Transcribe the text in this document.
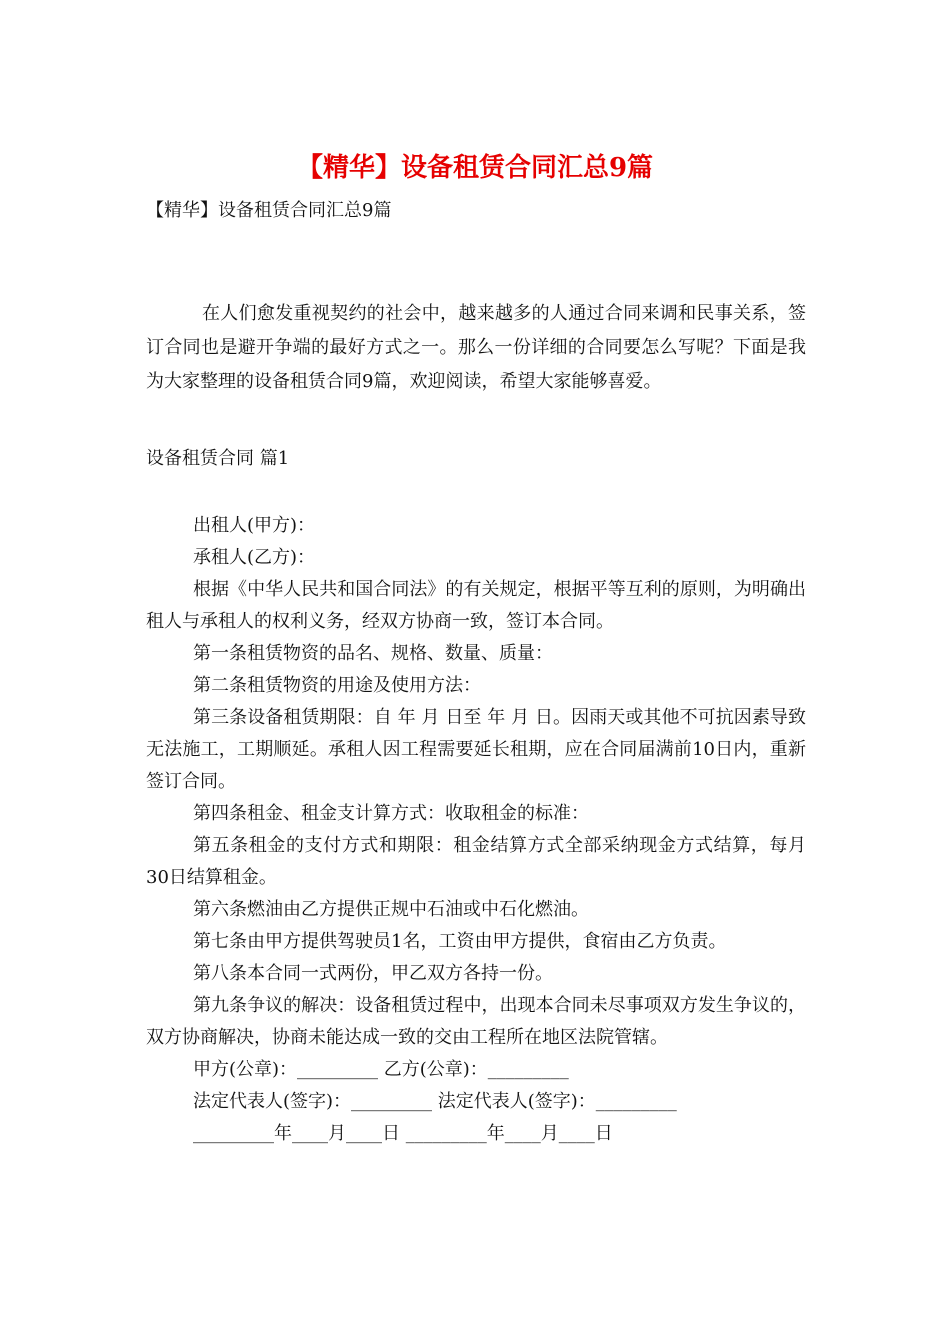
【精华】设备租赁合同汇总9篇
【精华】设备租赁合同汇总9篇

在人们愈发重视契约的社会中，越来越多的人通过合同来调和民事关系，签订合同也是避开争端的最好方式之一。那么一份详细的合同要怎么写呢？下面是我为大家整理的设备租赁合同9篇，欢迎阅读，希望大家能够喜爱。

设备租赁合同 篇1

出租人(甲方)：

承租人(乙方)：

根据《中华人民共和国合同法》的有关规定，根据平等互利的原则，为明确出租人与承租人的权利义务，经双方协商一致，签订本合同。

第一条租赁物资的品名、规格、数量、质量：

第二条租赁物资的用途及使用方法：

第三条设备租赁期限：自 年 月 日至 年 月 日。因雨天或其他不可抗因素导致无法施工，工期顺延。承租人因工程需要延长租期，应在合同届满前10日内，重新签订合同。

第四条租金、租金支计算方式：收取租金的标准：

第五条租金的支付方式和期限：租金结算方式全部采纳现金方式结算，每月30日结算租金。

第六条燃油由乙方提供正规中石油或中石化燃油。

第七条由甲方提供驾驶员1名，工资由甲方提供，食宿由乙方负责。

第八条本合同一式两份，甲乙双方各持一份。

第九条争议的解决：设备租赁过程中，出现本合同未尽事项双方发生争议的，双方协商解决，协商未能达成一致的交由工程所在地区法院管辖。

甲方(公章)：_________ 乙方(公章)：_________
法定代表人(签字)：_________ 法定代表人(签字)：_________
_________年____月____日 _________年____月____日
